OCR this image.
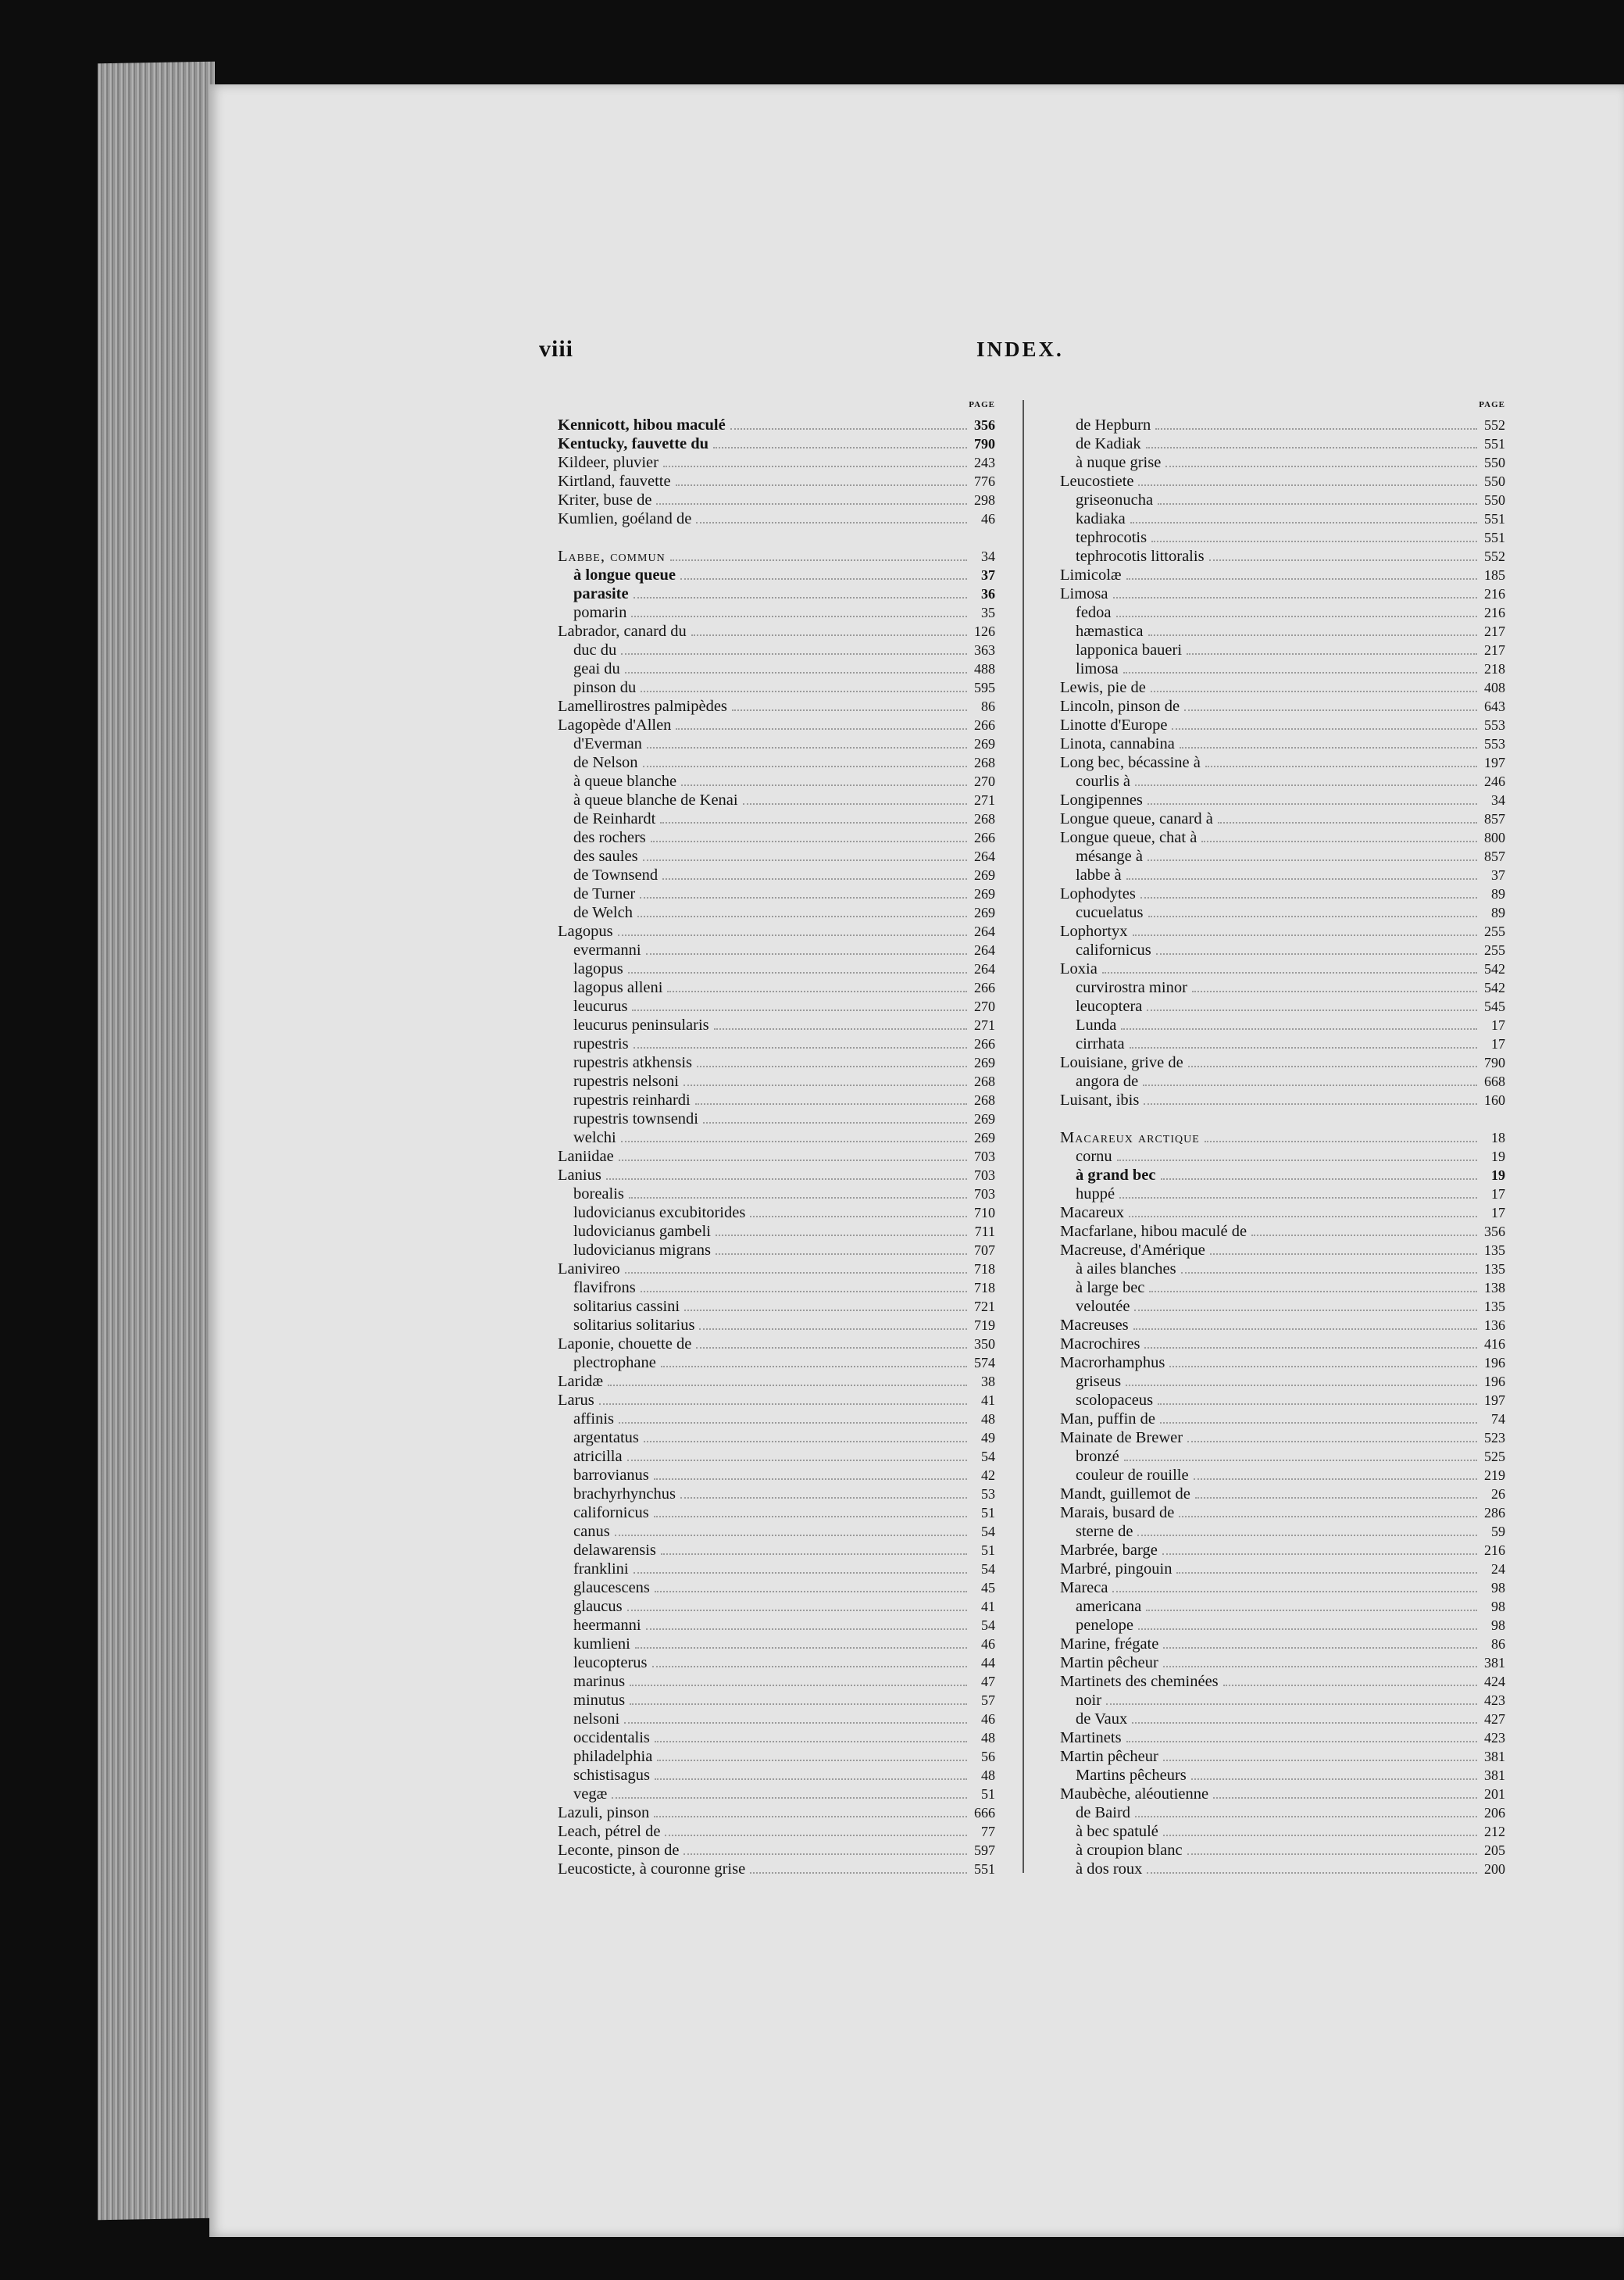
viii	INDEX.
PAGE
Kennicott, hibou maculé	356
Kentucky, fauvette du	790
Kildeer, pluvier	243
Kirtland, fauvette	776
Kriter, buse de	298
Kumlien, goéland de	46
Labbe, commun	34
à longue queue	37
parasite	36
pomarin	35
Labrador, canard du	126
duc du	363
geai du	488
pinson du	595
Lamellirostres palmipèdes	86
Lagopède d'Allen	266
d'Everman	269
de Nelson	268
à queue blanche	270
à queue blanche de Kenai	271
de Reinhardt	268
des rochers	266
des saules	264
de Townsend	269
de Turner	269
de Welch	269
Lagopus	264
evermanni	264
lagopus	264
lagopus alleni	266
leucurus	270
leucurus peninsularis	271
rupestris	266
rupestris atkhensis	269
rupestris nelsoni	268
rupestris reinhardi	268
rupestris townsendi	269
welchi	269
Laniidae	703
Lanius	703
borealis	703
ludovicianus excubitorides	710
ludovicianus gambeli	711
ludovicianus migrans	707
Lanivireo	718
flavifrons	718
solitarius cassini	721
solitarius solitarius	719
Laponie, chouette de	350
plectrophane	574
Laridæ	38
Larus	41
affinis	48
argentatus	49
atricilla	54
barrovianus	42
brachyrhynchus	53
californicus	51
canus	54
delawarensis	51
franklini	54
glaucescens	45
glaucus	41
heermanni	54
kumlieni	46
leucopterus	44
marinus	47
minutus	57
nelsoni	46
occidentalis	48
philadelphia	56
schistisagus	48
vegæ	51
Lazuli, pinson	666
Leach, pétrel de	77
Leconte, pinson de	597
Leucosticte, à couronne grise	551
PAGE
de Hepburn	552
de Kadiak	551
à nuque grise	550
Leucostiete	550
griseonucha	550
kadiaka	551
tephrocotis	551
tephrocotis littoralis	552
Limicolæ	185
Limosa	216
fedoa	216
hæmastica	217
lapponica baueri	217
limosa	218
Lewis, pie de	408
Lincoln, pinson de	643
Linotte d'Europe	553
Linota, cannabina	553
Long bec, bécassine à	197
courlis à	246
Longipennes	34
Longue queue, canard à	857
Longue queue, chat à	800
mésange à	857
labbe à	37
Lophodytes	89
cucuelatus	89
Lophortyx	255
californicus	255
Loxia	542
curvirostra minor	542
leucoptera	545
Lunda	17
cirrhata	17
Louisiane, grive de	790
angora de	668
Luisant, ibis	160
Macareux arctique	18
cornu	19
à grand bec	19
huppé	17
Macareux	17
Macfarlane, hibou maculé de	356
Macreuse, d'Amérique	135
à ailes blanches	135
à large bec	138
veloutée	135
Macreuses	136
Macrochires	416
Macrorhamphus	196
griseus	196
scolopaceus	197
Man, puffin de	74
Mainate de Brewer	523
bronzé	525
couleur de rouille	219
Mandt, guillemot de	26
Marais, busard de	286
sterne de	59
Marbrée, barge	216
Marbré, pingouin	24
Mareca	98
americana	98
penelope	98
Marine, frégate	86
Martin pêcheur	381
Martinets des cheminées	424
noir	423
de Vaux	427
Martinets	423
Martin pêcheur	381
Martins pêcheurs	381
Maubèche, aléoutienne	201
de Baird	206
à bec spatulé	212
à croupion blanc	205
à dos roux	200
